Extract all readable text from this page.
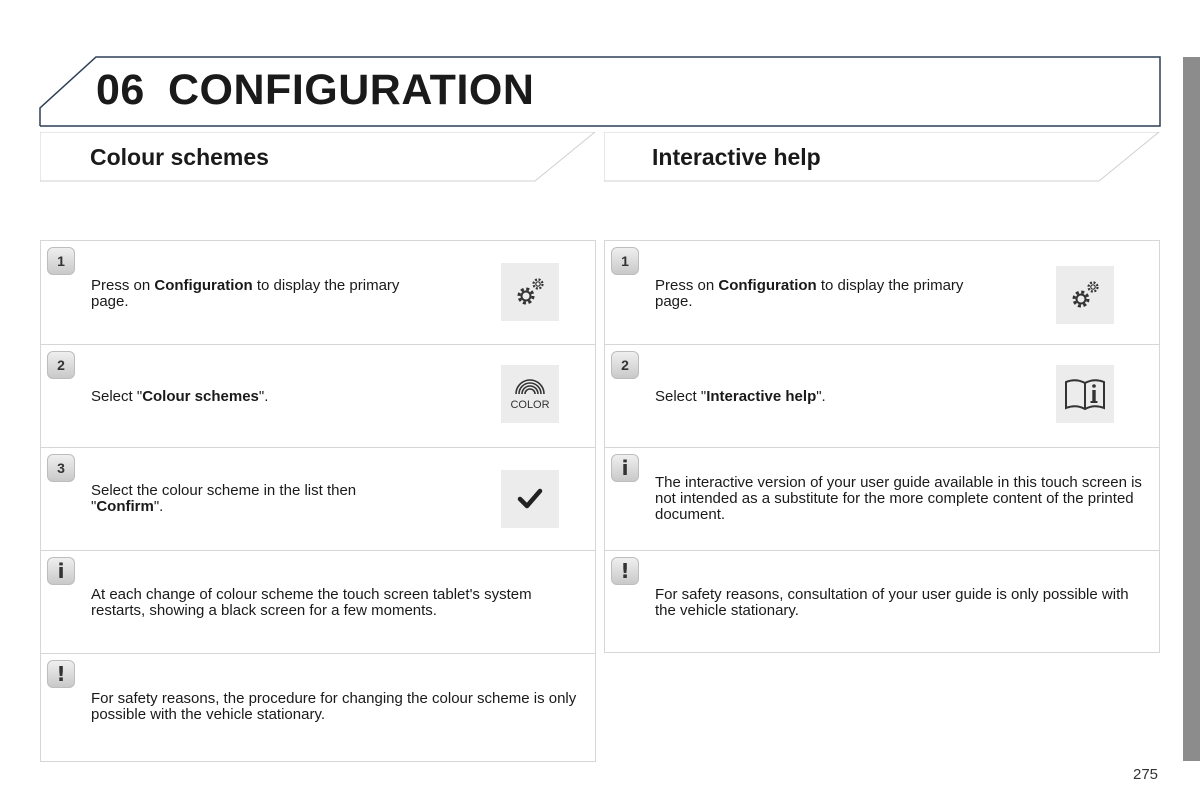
06 CONFIGURATION
Colour schemes	Interactive help
1
Press on Configuration to display the primary page.
2
Select "Colour schemes".	COLOR
3
Select the colour scheme in the list then "Confirm".
i
At each change of colour scheme the touch screen tablet's system restarts, showing a black screen for a few moments.
!
For safety reasons, the procedure for changing the colour scheme is only possible with the vehicle stationary.
1
Press on Configuration to display the primary page.
2
Select "Interactive help".
i
The interactive version of your user guide available in this touch screen is not intended as a substitute for the more complete content of the printed document.
!
For safety reasons, consultation of your user guide is only possible with the vehicle stationary.
275
